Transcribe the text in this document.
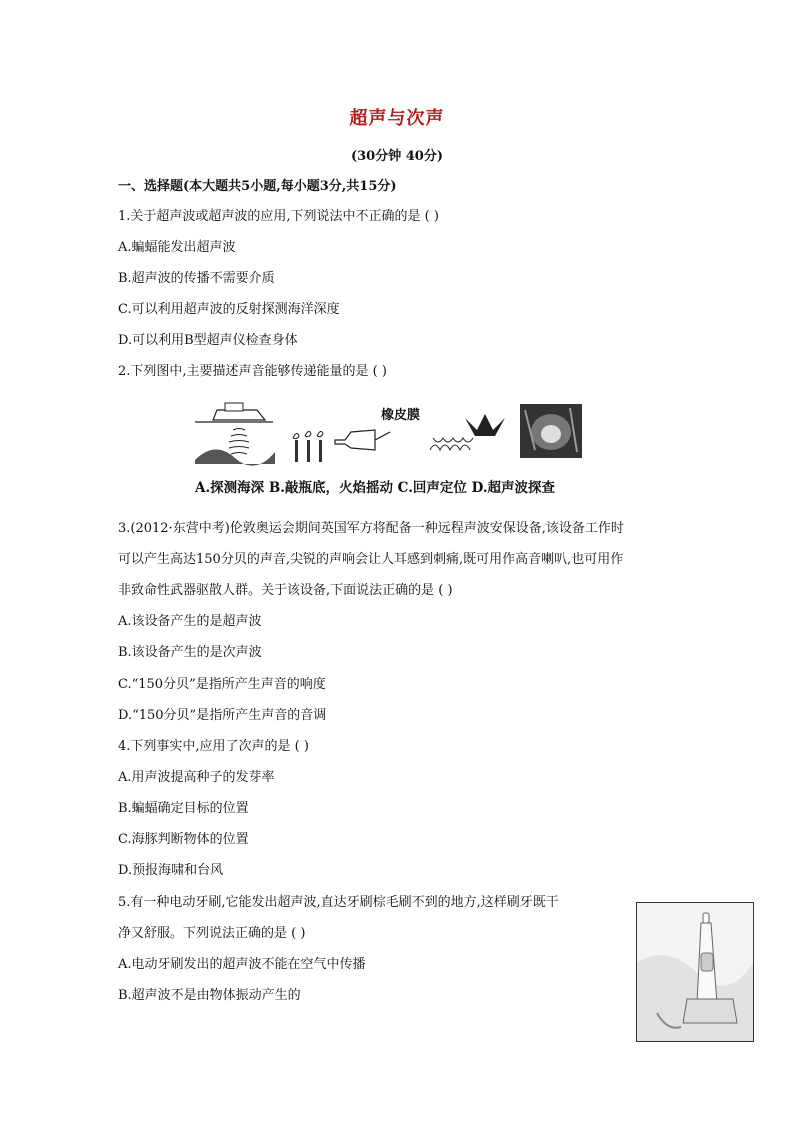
超声与次声
(30分钟 40分)
一、选择题(本大题共5小题,每小题3分,共15分)
1.关于超声波或超声波的应用,下列说法中不正确的是 ( )
A.蝙蝠能发出超声波
B.超声波的传播不需要介质
C.可以利用超声波的反射探测海洋深度
D.可以利用B型超声仪检查身体
2.下列图中,主要描述声音能够传递能量的是 ( )
橡皮膜
A.探测海深 B.敲瓶底，火焰摇动 C.回声定位 D.超声波探查
3.(2012·东营中考)伦敦奥运会期间英国军方将配备一种远程声波安保设备,该设备工作时
可以产生高达150分贝的声音,尖锐的声响会让人耳感到刺痛,既可用作高音喇叭,也可用作
非致命性武器驱散人群。关于该设备,下面说法正确的是 ( )
A.该设备产生的是超声波
B.该设备产生的是次声波
C.“150分贝”是指所产生声音的响度
D.“150分贝”是指所产生声音的音调
4.下列事实中,应用了次声的是 ( )
A.用声波提高种子的发芽率
B.蝙蝠确定目标的位置
C.海豚判断物体的位置
D.预报海啸和台风
5.有一种电动牙刷,它能发出超声波,直达牙刷棕毛刷不到的地方,这样刷牙既干
净又舒服。下列说法正确的是 ( )
A.电动牙刷发出的超声波不能在空气中传播
B.超声波不是由物体振动产生的
